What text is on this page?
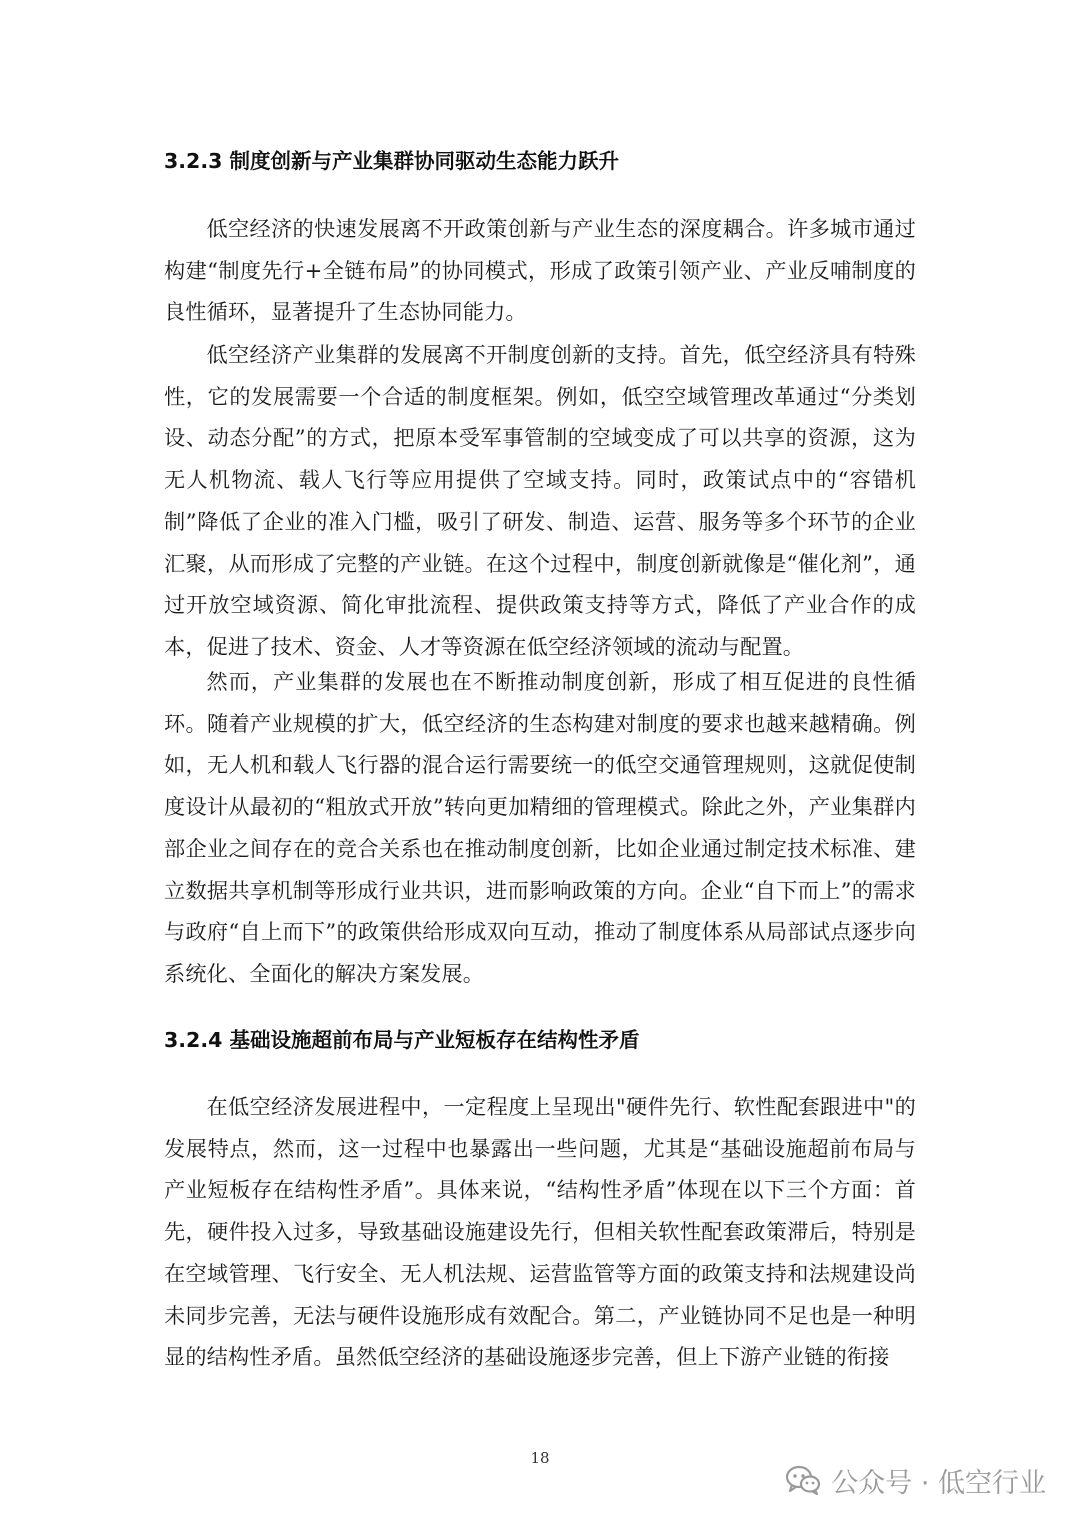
3.2.3 制度创新与产业集群协同驱动生态能力跃升

低空经济的快速发展离不开政策创新与产业生态的深度耦合。许多城市通过构建“制度先行+全链布局”的协同模式，形成了政策引领产业、产业反哺制度的良性循环，显著提升了生态协同能力。

低空经济产业集群的发展离不开制度创新的支持。首先，低空经济具有特殊性，它的发展需要一个合适的制度框架。例如，低空空域管理改革通过“分类划设、动态分配”的方式，把原本受军事管制的空域变成了可以共享的资源，这为无人机物流、载人飞行等应用提供了空域支持。同时，政策试点中的“容错机制”降低了企业的准入门槛，吸引了研发、制造、运营、服务等多个环节的企业汇聚，从而形成了完整的产业链。在这个过程中，制度创新就像是“催化剂”，通过开放空域资源、简化审批流程、提供政策支持等方式，降低了产业合作的成本，促进了技术、资金、人才等资源在低空经济领域的流动与配置。

然而，产业集群的发展也在不断推动制度创新，形成了相互促进的良性循环。随着产业规模的扩大，低空经济的生态构建对制度的要求也越来越精确。例如，无人机和载人飞行器的混合运行需要统一的低空交通管理规则，这就促使制度设计从最初的“粗放式开放”转向更加精细的管理模式。除此之外，产业集群内部企业之间存在的竞合关系也在推动制度创新，比如企业通过制定技术标准、建立数据共享机制等形成行业共识，进而影响政策的方向。企业“自下而上”的需求与政府“自上而下”的政策供给形成双向互动，推动了制度体系从局部试点逐步向系统化、全面化的解决方案发展。

3.2.4 基础设施超前布局与产业短板存在结构性矛盾

在低空经济发展进程中，一定程度上呈现出"硬件先行、软性配套跟进中"的发展特点，然而，这一过程中也暴露出一些问题，尤其是“基础设施超前布局与产业短板存在结构性矛盾”。具体来说，“结构性矛盾”体现在以下三个方面：首先，硬件投入过多，导致基础设施建设先行，但相关软性配套政策滞后，特别是在空域管理、飞行安全、无人机法规、运营监管等方面的政策支持和法规建设尚未同步完善，无法与硬件设施形成有效配合。第二，产业链协同不足也是一种明显的结构性矛盾。虽然低空经济的基础设施逐步完善，但上下游产业链的衔接

18
公众号 · 低空行业
